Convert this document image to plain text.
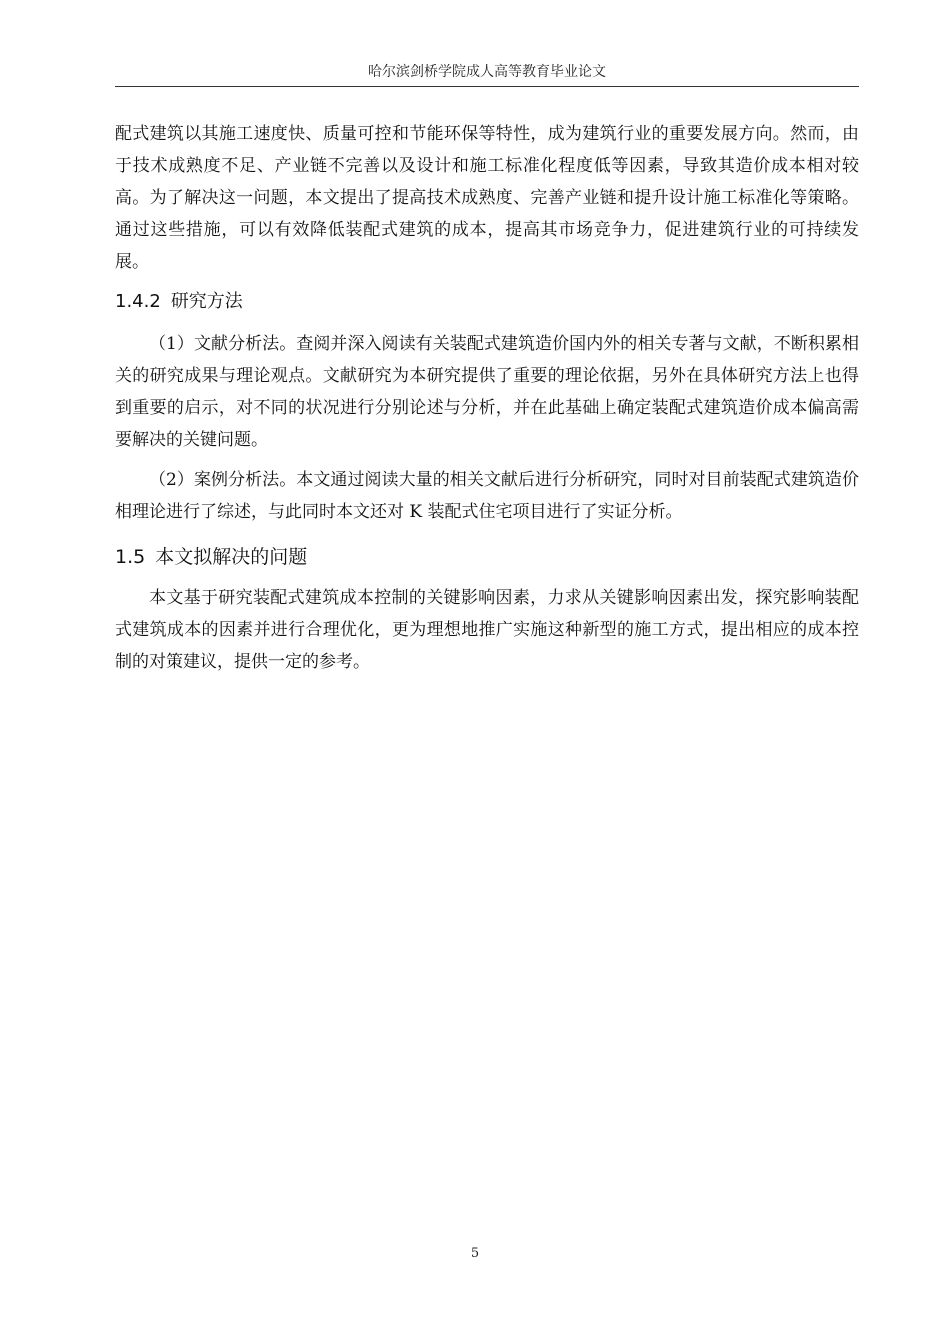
哈尔滨剑桥学院成人高等教育毕业论文

配式建筑以其施工速度快、质量可控和节能环保等特性，成为建筑行业的重要发展方向。然而，由于技术成熟度不足、产业链不完善以及设计和施工标准化程度低等因素，导致其造价成本相对较高。为了解决这一问题，本文提出了提高技术成熟度、完善产业链和提升设计施工标准化等策略。通过这些措施，可以有效降低装配式建筑的成本，提高其市场竞争力，促进建筑行业的可持续发展。

1.4.2 研究方法

（1）文献分析法。查阅并深入阅读有关装配式建筑造价国内外的相关专著与文献，不断积累相关的研究成果与理论观点。文献研究为本研究提供了重要的理论依据，另外在具体研究方法上也得到重要的启示，对不同的状况进行分别论述与分析，并在此基础上确定装配式建筑造价成本偏高需要解决的关键问题。

（2）案例分析法。本文通过阅读大量的相关文献后进行分析研究，同时对目前装配式建筑造价相理论进行了综述，与此同时本文还对 K 装配式住宅项目进行了实证分析。

1.5 本文拟解决的问题

本文基于研究装配式建筑成本控制的关键影响因素，力求从关键影响因素出发，探究影响装配式建筑成本的因素并进行合理优化，更为理想地推广实施这种新型的施工方式，提出相应的成本控制的对策建议，提供一定的参考。

5
